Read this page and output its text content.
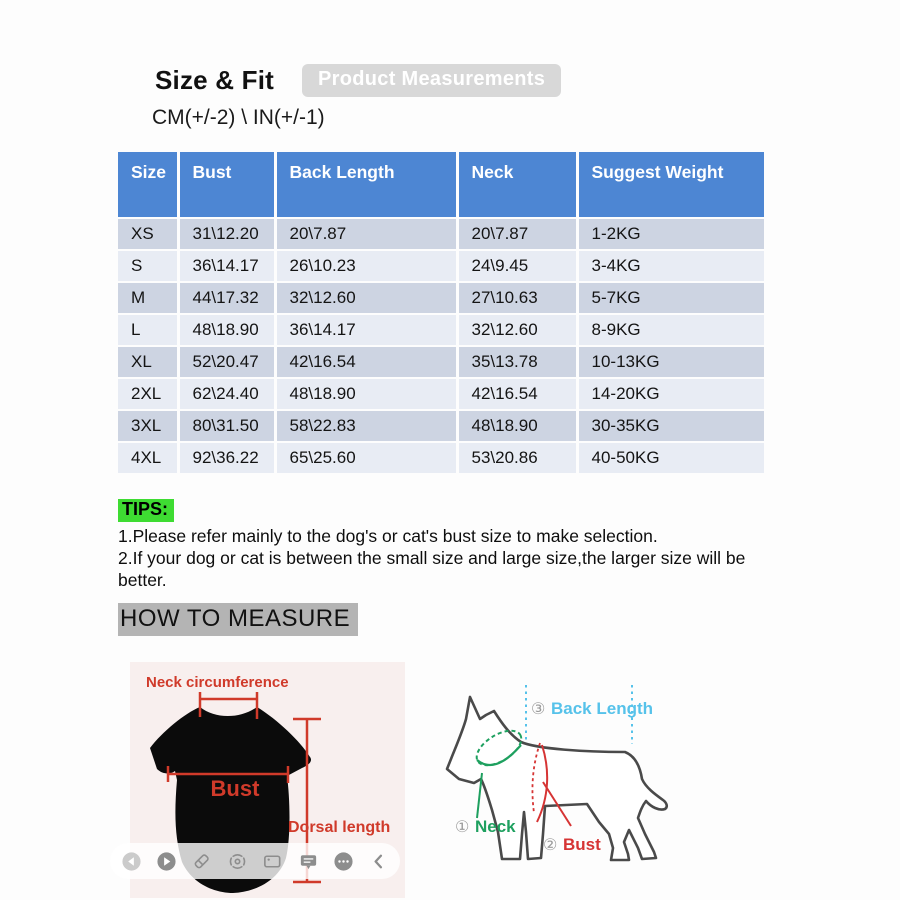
Size & Fit	Product Measurements
CM(+/-2) \ IN(+/-1)
Size	Bust	Back Length	Neck	Suggest Weight
XS	31\12.20	20\7.87	20\7.87	1-2KG
S	36\14.17	26\10.23	24\9.45	3-4KG
M	44\17.32	32\12.60	27\10.63	5-7KG
L	48\18.90	36\14.17	32\12.60	8-9KG
XL	52\20.47	42\16.54	35\13.78	10-13KG
2XL	62\24.40	48\18.90	42\16.54	14-20KG
3XL	80\31.50	58\22.83	48\18.90	30-35KG
4XL	92\36.22	65\25.60	53\20.86	40-50KG
TIPS:

1.Please refer mainly to the dog's or cat's bust size to make selection.

2.If your dog or cat is between the small size and large size,the larger size will be better.

HOW TO MEASURE
Neck circumference
Bust
Dorsal length
③ Back Length
① Neck
② Bust
